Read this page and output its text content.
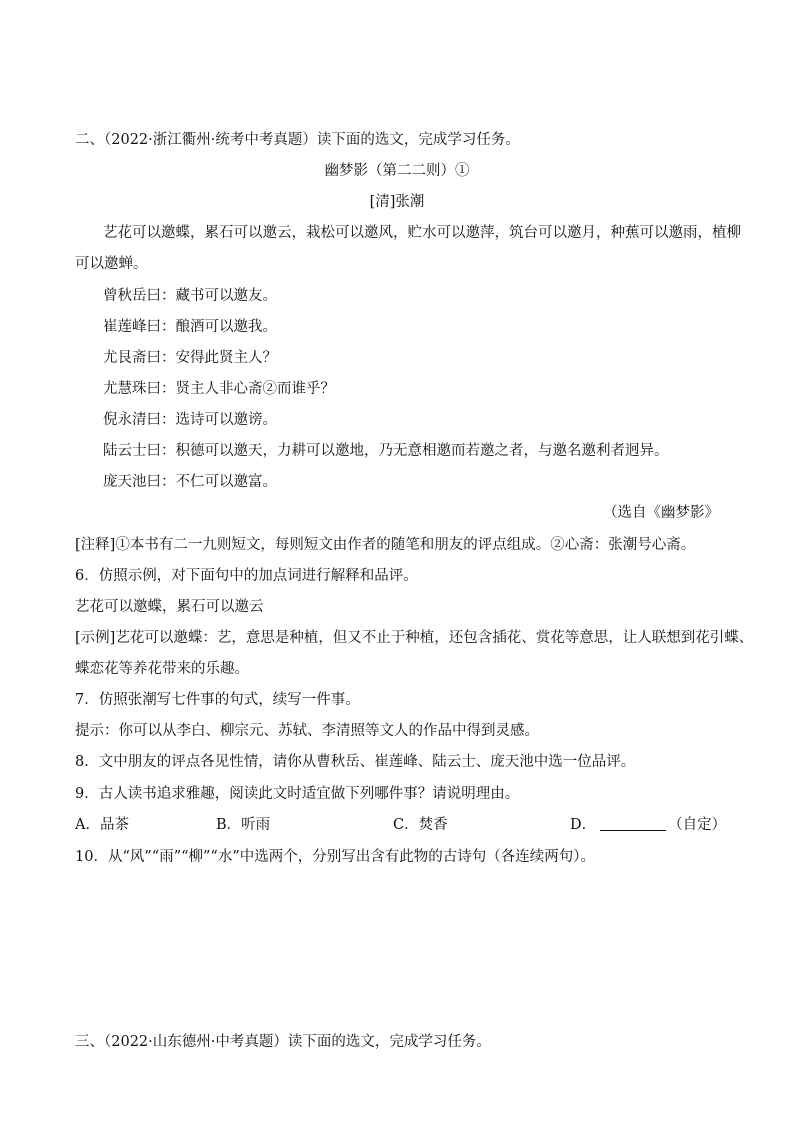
二、（2022·浙江衢州·统考中考真题）读下面的选文，完成学习任务。
幽梦影（第二二则）①
[清]张潮
艺花可以邀蝶，累石可以邀云，栽松可以邀风，贮水可以邀萍，筑台可以邀月，种蕉可以邀雨，植柳
可以邀蝉。
曾秋岳曰：藏书可以邀友。
崔莲峰曰：酿酒可以邀我。
尤艮斋曰：安得此贤主人？
尤慧珠曰：贤主人非心斋②而谁乎？
倪永清曰：选诗可以邀谤。
陆云士曰：积德可以邀天，力耕可以邀地，乃无意相邀而若邀之者，与邀名邀利者迥异。
庞天池曰：不仁可以邀富。
（选自《幽梦影》
[注释]①本书有二一九则短文，每则短文由作者的随笔和朋友的评点组成。②心斋：张潮号心斋。
6．仿照示例，对下面句中的加点词进行解释和品评。
艺花可以邀蝶，累石可以邀云
[示例]艺花可以邀蝶：艺，意思是种植，但又不止于种植，还包含插花、赏花等意思，让人联想到花引蝶、
蝶恋花等养花带来的乐趣。
7．仿照张潮写七件事的句式，续写一件事。
提示：你可以从李白、柳宗元、苏轼、李清照等文人的作品中得到灵感。
8．文中朋友的评点各见性情，请你从曹秋岳、崔莲峰、陆云士、庞天池中选一位品评。
9．古人读书追求雅趣，阅读此文时适宜做下列哪件事？请说明理由。
A．品茶	B．听雨	C．焚香	D．	（自定）
10．从“风”“雨”“柳”“水”中选两个，分别写出含有此物的古诗句（各连续两句）。
三、（2022·山东德州·中考真题）读下面的选文，完成学习任务。
